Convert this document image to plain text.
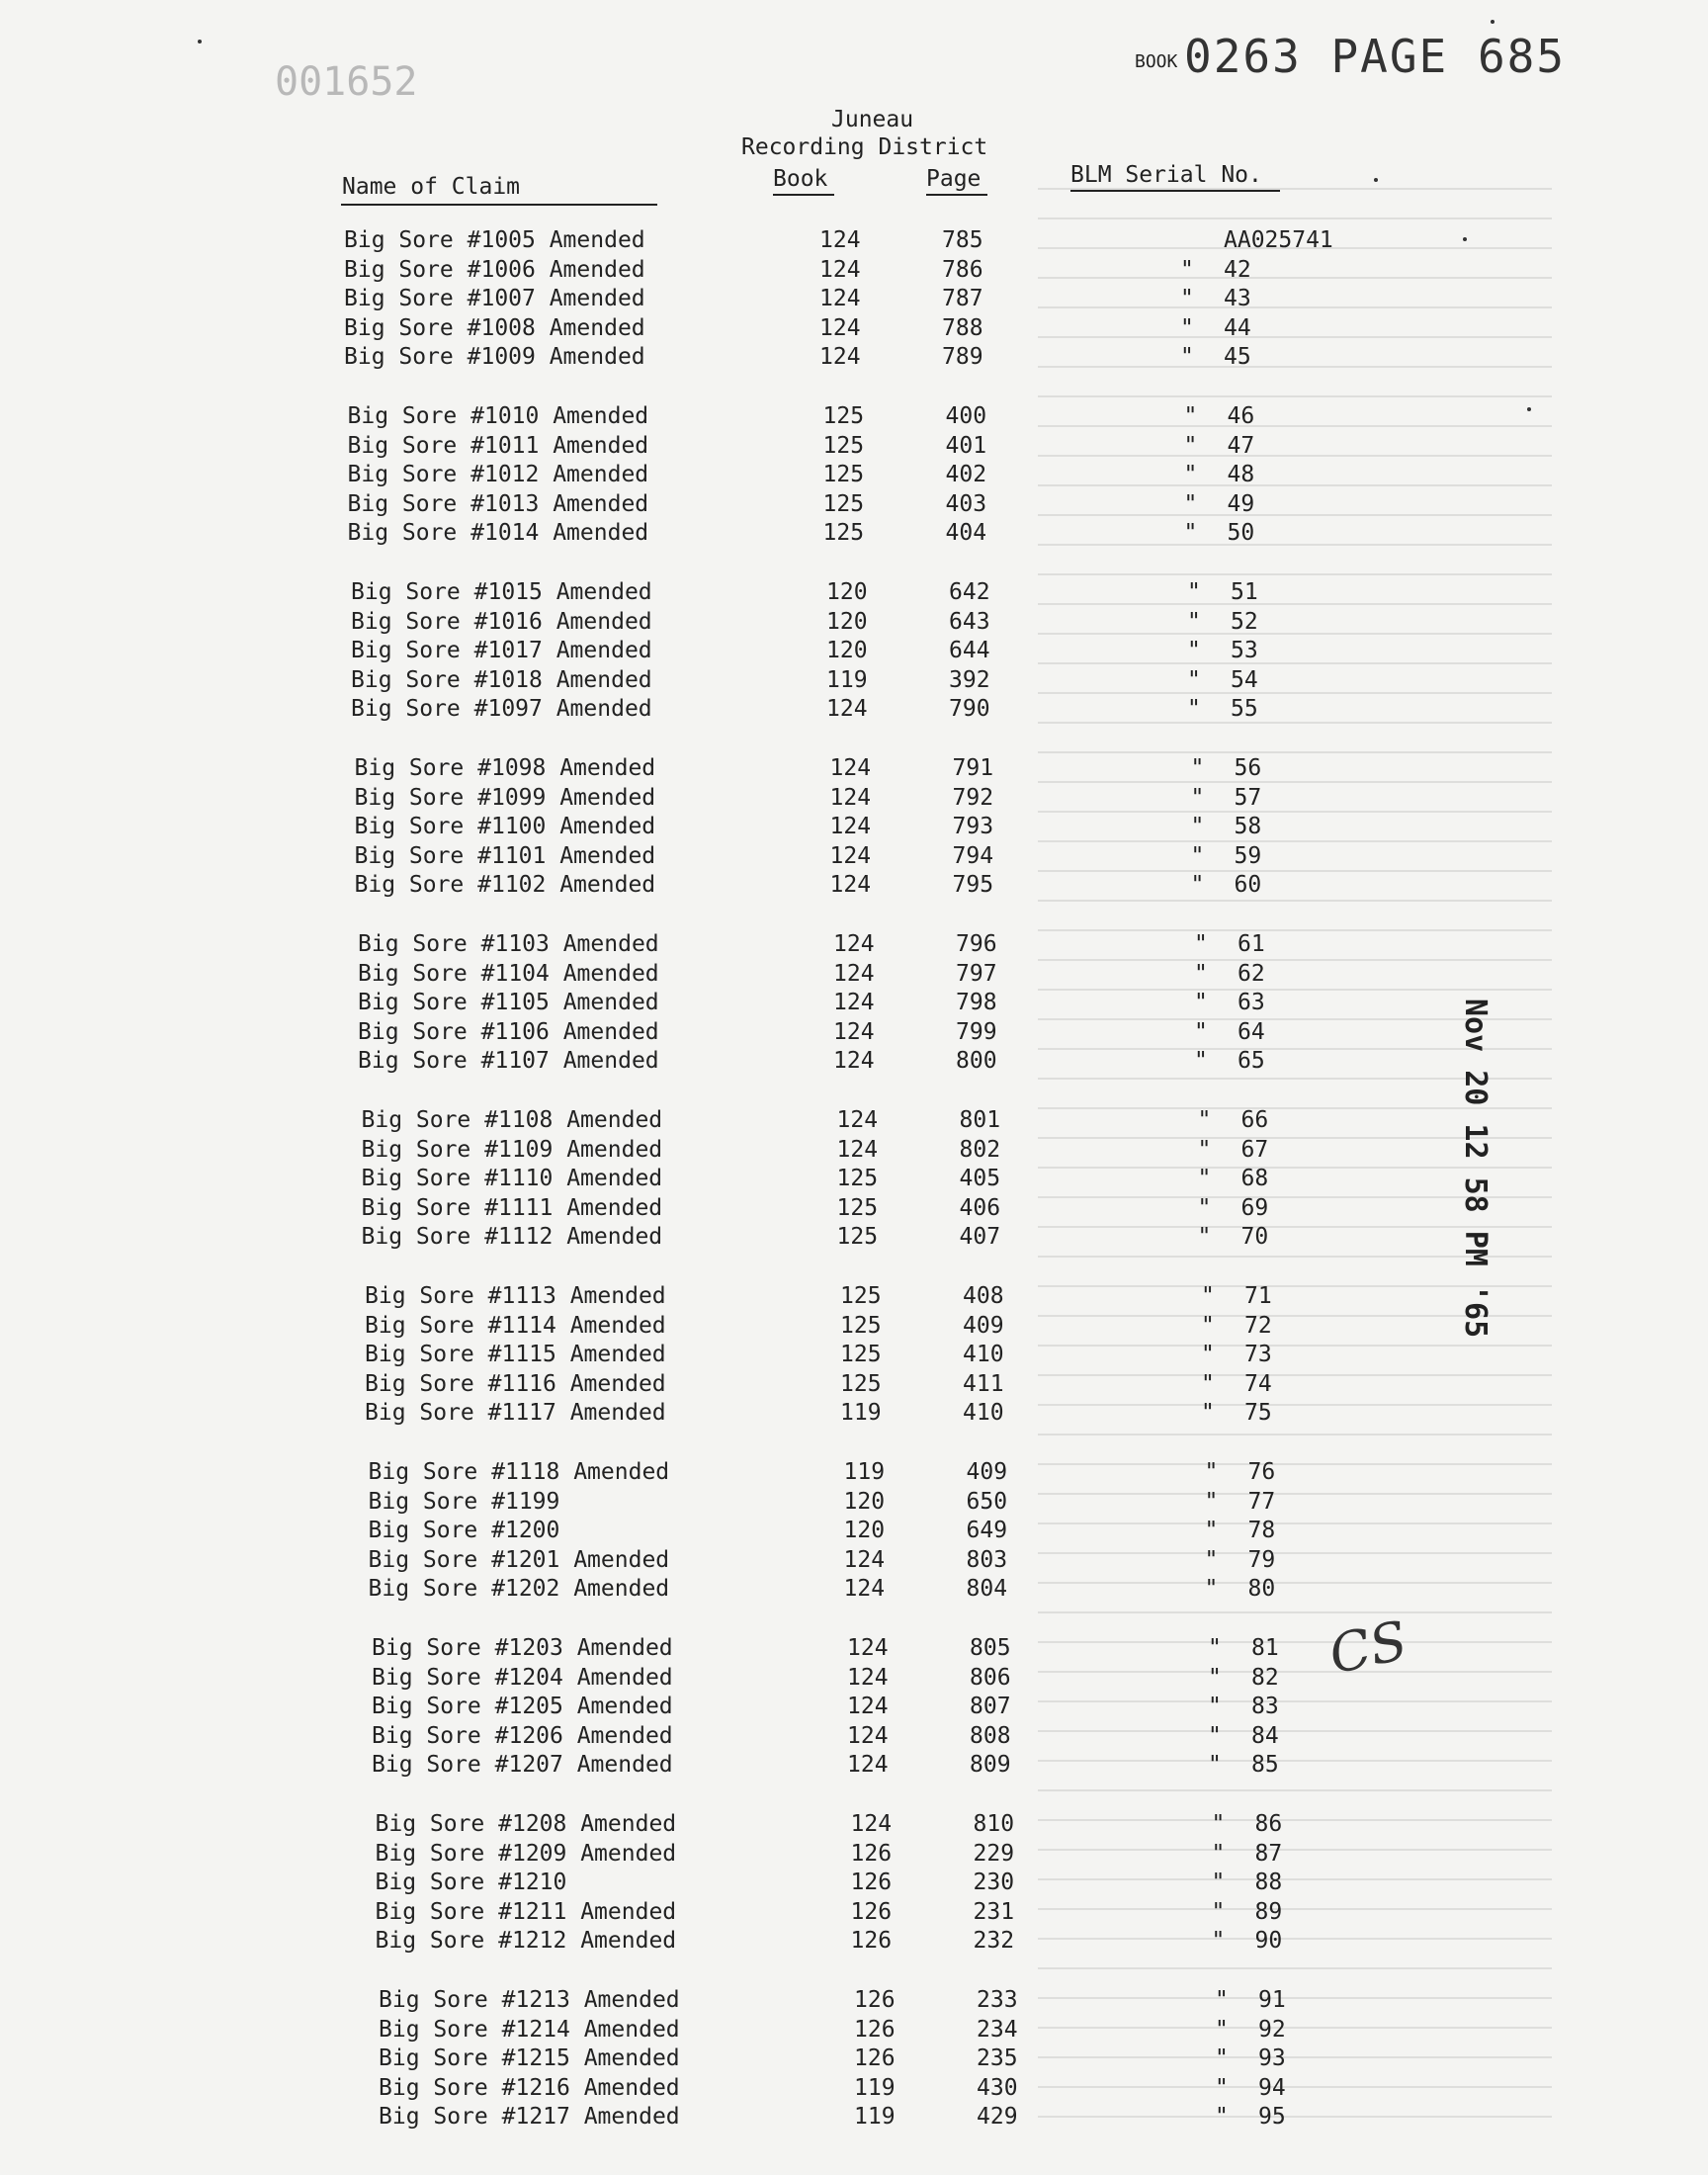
001652	BOOK 0263 PAGE 685
Juneau
Recording District
Name of Claim	Book	Page	BLM Serial No.
Big Sore #1005 Amended	124	785	AA025741
Big Sore #1006 Amended	124	786	" 42
Big Sore #1007 Amended	124	787	" 43
Big Sore #1008 Amended	124	788	" 44
Big Sore #1009 Amended	124	789	" 45
Big Sore #1010 Amended	125	400	" 46
Big Sore #1011 Amended	125	401	" 47
Big Sore #1012 Amended	125	402	" 48
Big Sore #1013 Amended	125	403	" 49
Big Sore #1014 Amended	125	404	" 50
Big Sore #1015 Amended	120	642	" 51
Big Sore #1016 Amended	120	643	" 52
Big Sore #1017 Amended	120	644	" 53
Big Sore #1018 Amended	119	392	" 54
Big Sore #1097 Amended	124	790	" 55
Big Sore #1098 Amended	124	791	" 56
Big Sore #1099 Amended	124	792	" 57
Big Sore #1100 Amended	124	793	" 58
Big Sore #1101 Amended	124	794	" 59
Big Sore #1102 Amended	124	795	" 60
Big Sore #1103 Amended	124	796	" 61
Big Sore #1104 Amended	124	797	" 62
Big Sore #1105 Amended	124	798	" 63
Big Sore #1106 Amended	124	799	" 64
Big Sore #1107 Amended	124	800	" 65
Big Sore #1108 Amended	124	801	" 66
Big Sore #1109 Amended	124	802	" 67
Big Sore #1110 Amended	125	405	" 68
Big Sore #1111 Amended	125	406	" 69
Big Sore #1112 Amended	125	407	" 70
Big Sore #1113 Amended	125	408	" 71
Big Sore #1114 Amended	125	409	" 72
Big Sore #1115 Amended	125	410	" 73
Big Sore #1116 Amended	125	411	" 74
Big Sore #1117 Amended	119	410	" 75
Big Sore #1118 Amended	119	409	" 76
Big Sore #1199	120	650	" 77
Big Sore #1200	120	649	" 78
Big Sore #1201 Amended	124	803	" 79
Big Sore #1202 Amended	124	804	" 80
Big Sore #1203 Amended	124	805	" 81
Big Sore #1204 Amended	124	806	" 82
Big Sore #1205 Amended	124	807	" 83
Big Sore #1206 Amended	124	808	" 84
Big Sore #1207 Amended	124	809	" 85
Big Sore #1208 Amended	124	810	" 86
Big Sore #1209 Amended	126	229	" 87
Big Sore #1210	126	230	" 88
Big Sore #1211 Amended	126	231	" 89
Big Sore #1212 Amended	126	232	" 90
Big Sore #1213 Amended	126	233	" 91
Big Sore #1214 Amended	126	234	" 92
Big Sore #1215 Amended	126	235	" 93
Big Sore #1216 Amended	119	430	" 94
Big Sore #1217 Amended	119	429	" 95
Nov 20 12 58 PM '65
CS
